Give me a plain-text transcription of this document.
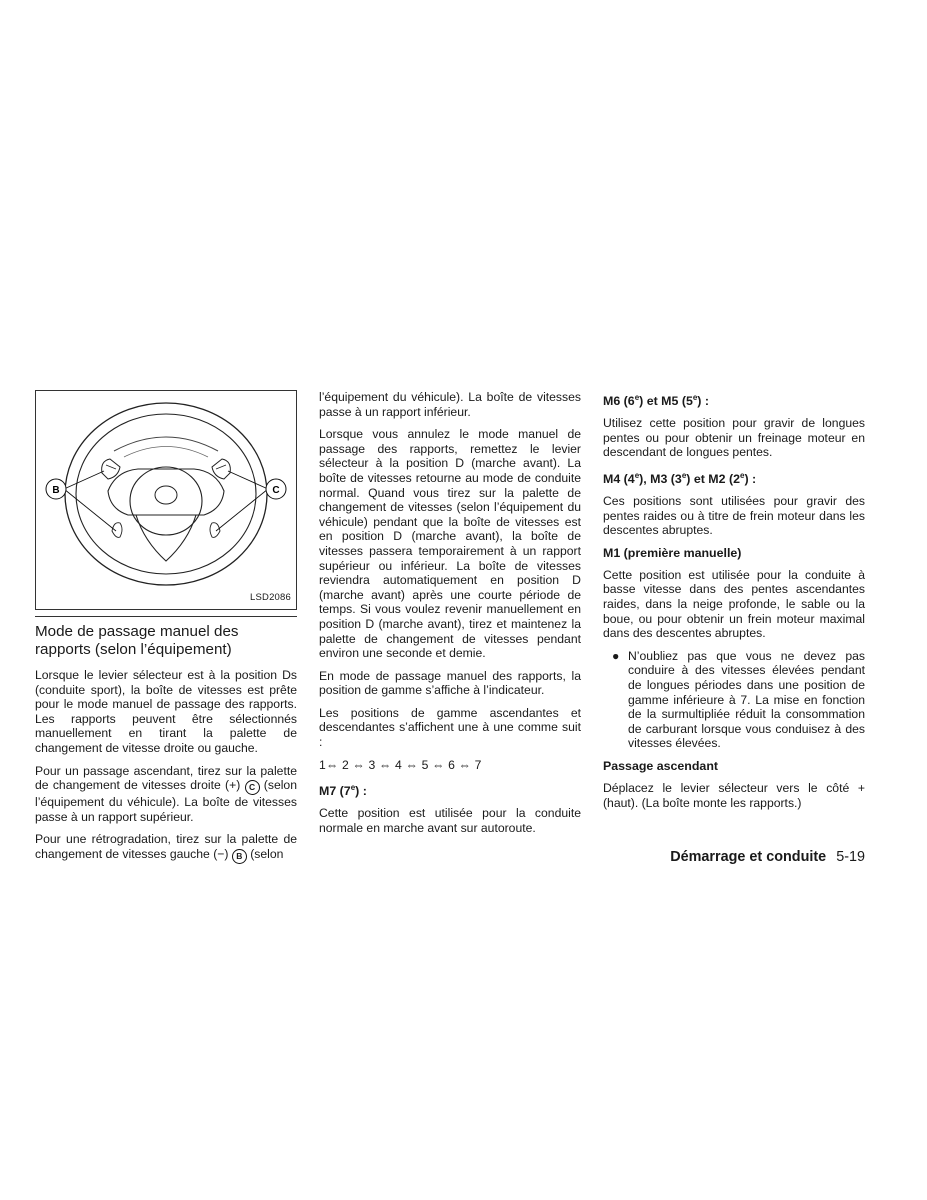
B	C
LSD2086
Mode de passage manuel des rapports (selon l’équipement)

Lorsque le levier sélecteur est à la position Ds (conduite sport), la boîte de vitesses est prête pour le mode manuel de passage des rapports. Les rapports peuvent être sélectionnés manuellement en tirant la palette de changement de vitesse droite ou gauche.

Pour un passage ascendant, tirez sur la palette de changement de vitesses droite (+) C (selon l’équipement du véhicule). La boîte de vitesses passe à un rapport supérieur.

Pour une rétrogradation, tirez sur la palette de changement de vitesses gauche (−) B (selon

l’équipement du véhicule). La boîte de vitesses passe à un rapport inférieur.

Lorsque vous annulez le mode manuel de passage des rapports, remettez le levier sélecteur à la position D (marche avant). La boîte de vitesses retourne au mode de conduite normal. Quand vous tirez sur la palette de changement de vitesses (selon l’équipement du véhicule) pendant que la boîte de vitesses est en position D (marche avant), la boîte de vitesses passera temporairement à un rapport supérieur ou inférieur. La boîte de vitesses reviendra automatiquement en position D (marche avant) après une courte période de temps. Si vous voulez revenir manuellement en position D (marche avant), tirez et maintenez la palette de changement de vitesses pendant environ une seconde et demie.

En mode de passage manuel des rapports, la position de gamme s’affiche à l’indicateur.

Les positions de gamme ascendantes et descendantes s’affichent une à une comme suit :

1⇔ 2 ⇔ 3 ⇔ 4 ⇔ 5 ⇔ 6 ⇔ 7

M7 (7e) :

Cette position est utilisée pour la conduite normale en marche avant sur autoroute.

M6 (6e) et M5 (5e) :

Utilisez cette position pour gravir de longues pentes ou pour obtenir un freinage moteur en descendant de longues pentes.

M4 (4e), M3 (3e) et M2 (2e) :

Ces positions sont utilisées pour gravir des pentes raides ou à titre de frein moteur dans les descentes abruptes.

M1 (première manuelle)

Cette position est utilisée pour la conduite à basse vitesse dans des pentes ascendantes raides, dans la neige profonde, le sable ou la boue, ou pour obtenir un frein moteur maximal dans des descentes abruptes.

● N’oubliez pas que vous ne devez pas conduire à des vitesses élevées pendant de longues périodes dans une position de gamme inférieure à 7. La mise en fonction de la surmultipliée réduit la consommation de carburant lorsque vous conduisez à des vitesses élevées.
Passage ascendant

Déplacez le levier sélecteur vers le côté + (haut). (La boîte monte les rapports.)

Démarrage et conduite 5-19
